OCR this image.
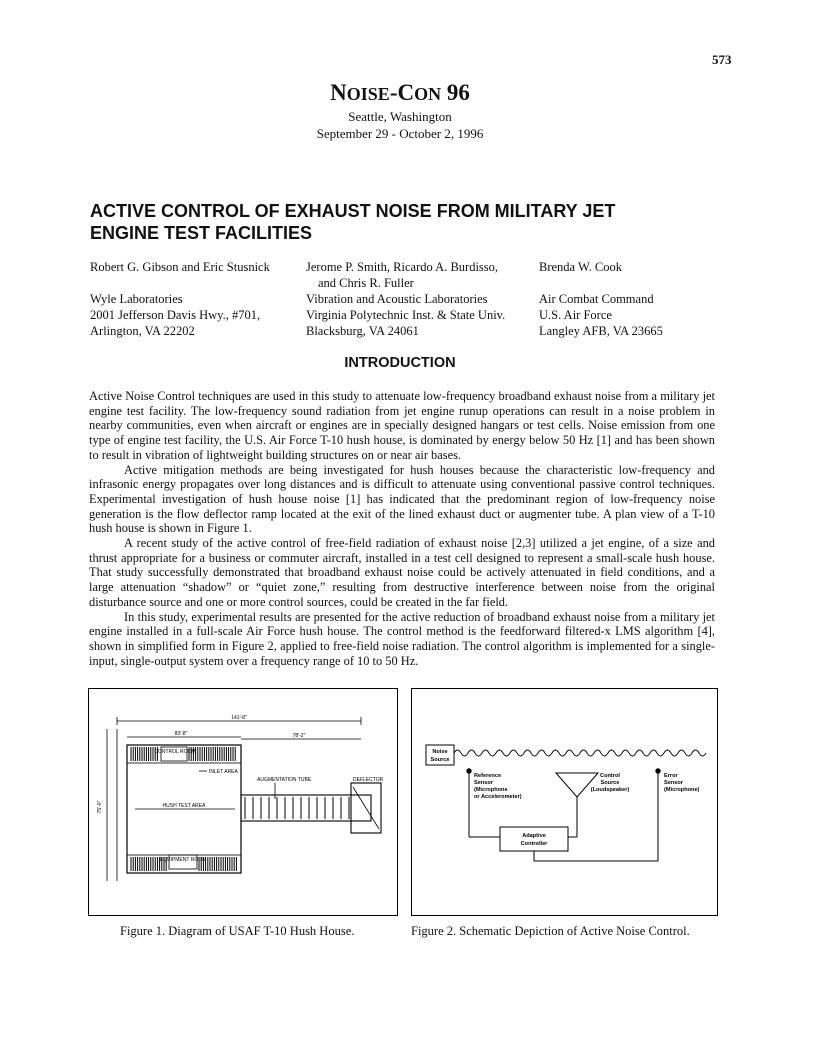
573
NOISE-CON 96
Seattle, Washington
September 29 - October 2, 1996
ACTIVE CONTROL OF EXHAUST NOISE FROM MILITARY JET
ENGINE TEST FACILITIES
Robert G. Gibson and Eric Stusnick
Wyle Laboratories
2001 Jefferson Davis Hwy., #701,
Arlington, VA 22202
Jerome P. Smith, Ricardo A. Burdisso,
and Chris R. Fuller
Vibration and Acoustic Laboratories
Virginia Polytechnic Inst. & State Univ.
Blacksburg, VA 24061
Brenda W. Cook
Air Combat Command
U.S. Air Force
Langley AFB, VA 23665
INTRODUCTION

Active Noise Control techniques are used in this study to attenuate low-frequency broadband exhaust noise from a military jet engine test facility. The low-frequency sound radiation from jet engine runup operations can result in a noise problem in nearby communities, even when aircraft or engines are in specially designed hangars or test cells. Noise emission from one type of engine test facility, the U.S. Air Force T-10 hush house, is dominated by energy below 50 Hz [1] and has been shown to result in vibration of lightweight building structures on or near air bases.

Active mitigation methods are being investigated for hush houses because the characteristic low-frequency and infrasonic energy propagates over long distances and is difficult to attenuate using conventional passive control techniques. Experimental investigation of hush house noise [1] has indicated that the predominant region of low-frequency noise generation is the flow deflector ramp located at the exit of the lined exhaust duct or augmenter tube. A plan view of a T-10 hush house is shown in Figure 1.

A recent study of the active control of free-field radiation of exhaust noise [2,3] utilized a jet engine, of a size and thrust appropriate for a business or commuter aircraft, installed in a test cell designed to represent a small-scale hush house. That study successfully demonstrated that broadband exhaust noise could be actively attenuated in field conditions, and a large attenuation “shadow” or “quiet zone,” resulting from destructive interference between noise from the original disturbance source and one or more control sources, could be created in the far field.

In this study, experimental results are presented for the active reduction of broadband exhaust noise from a military jet engine installed in a full-scale Air Force hush house. The control method is the feedforward filtered-x LMS algorithm [4], shown in simplified form in Figure 2, applied to free-field noise radiation. The control algorithm is implemented for a single-input, single-output system over a frequency range of 10 to 50 Hz.

141'-8"
83'-8"	78'-2"
75'-0"
CONTROL ROOM
INLET AREA
AUGMENTATION TUBE	DEFLECTOR
HUSH TEST AREA
EQUIPMENT ROOM
Figure 1. Diagram of USAF T-10 Hush House.
Noise
Source
Reference
Sensor
(Microphone
or Accelerometer)
Control
Source
(Loudspeaker)
Error
Sensor
(Microphone)
Adaptive
Controller
Figure 2. Schematic Depiction of Active Noise Control.
